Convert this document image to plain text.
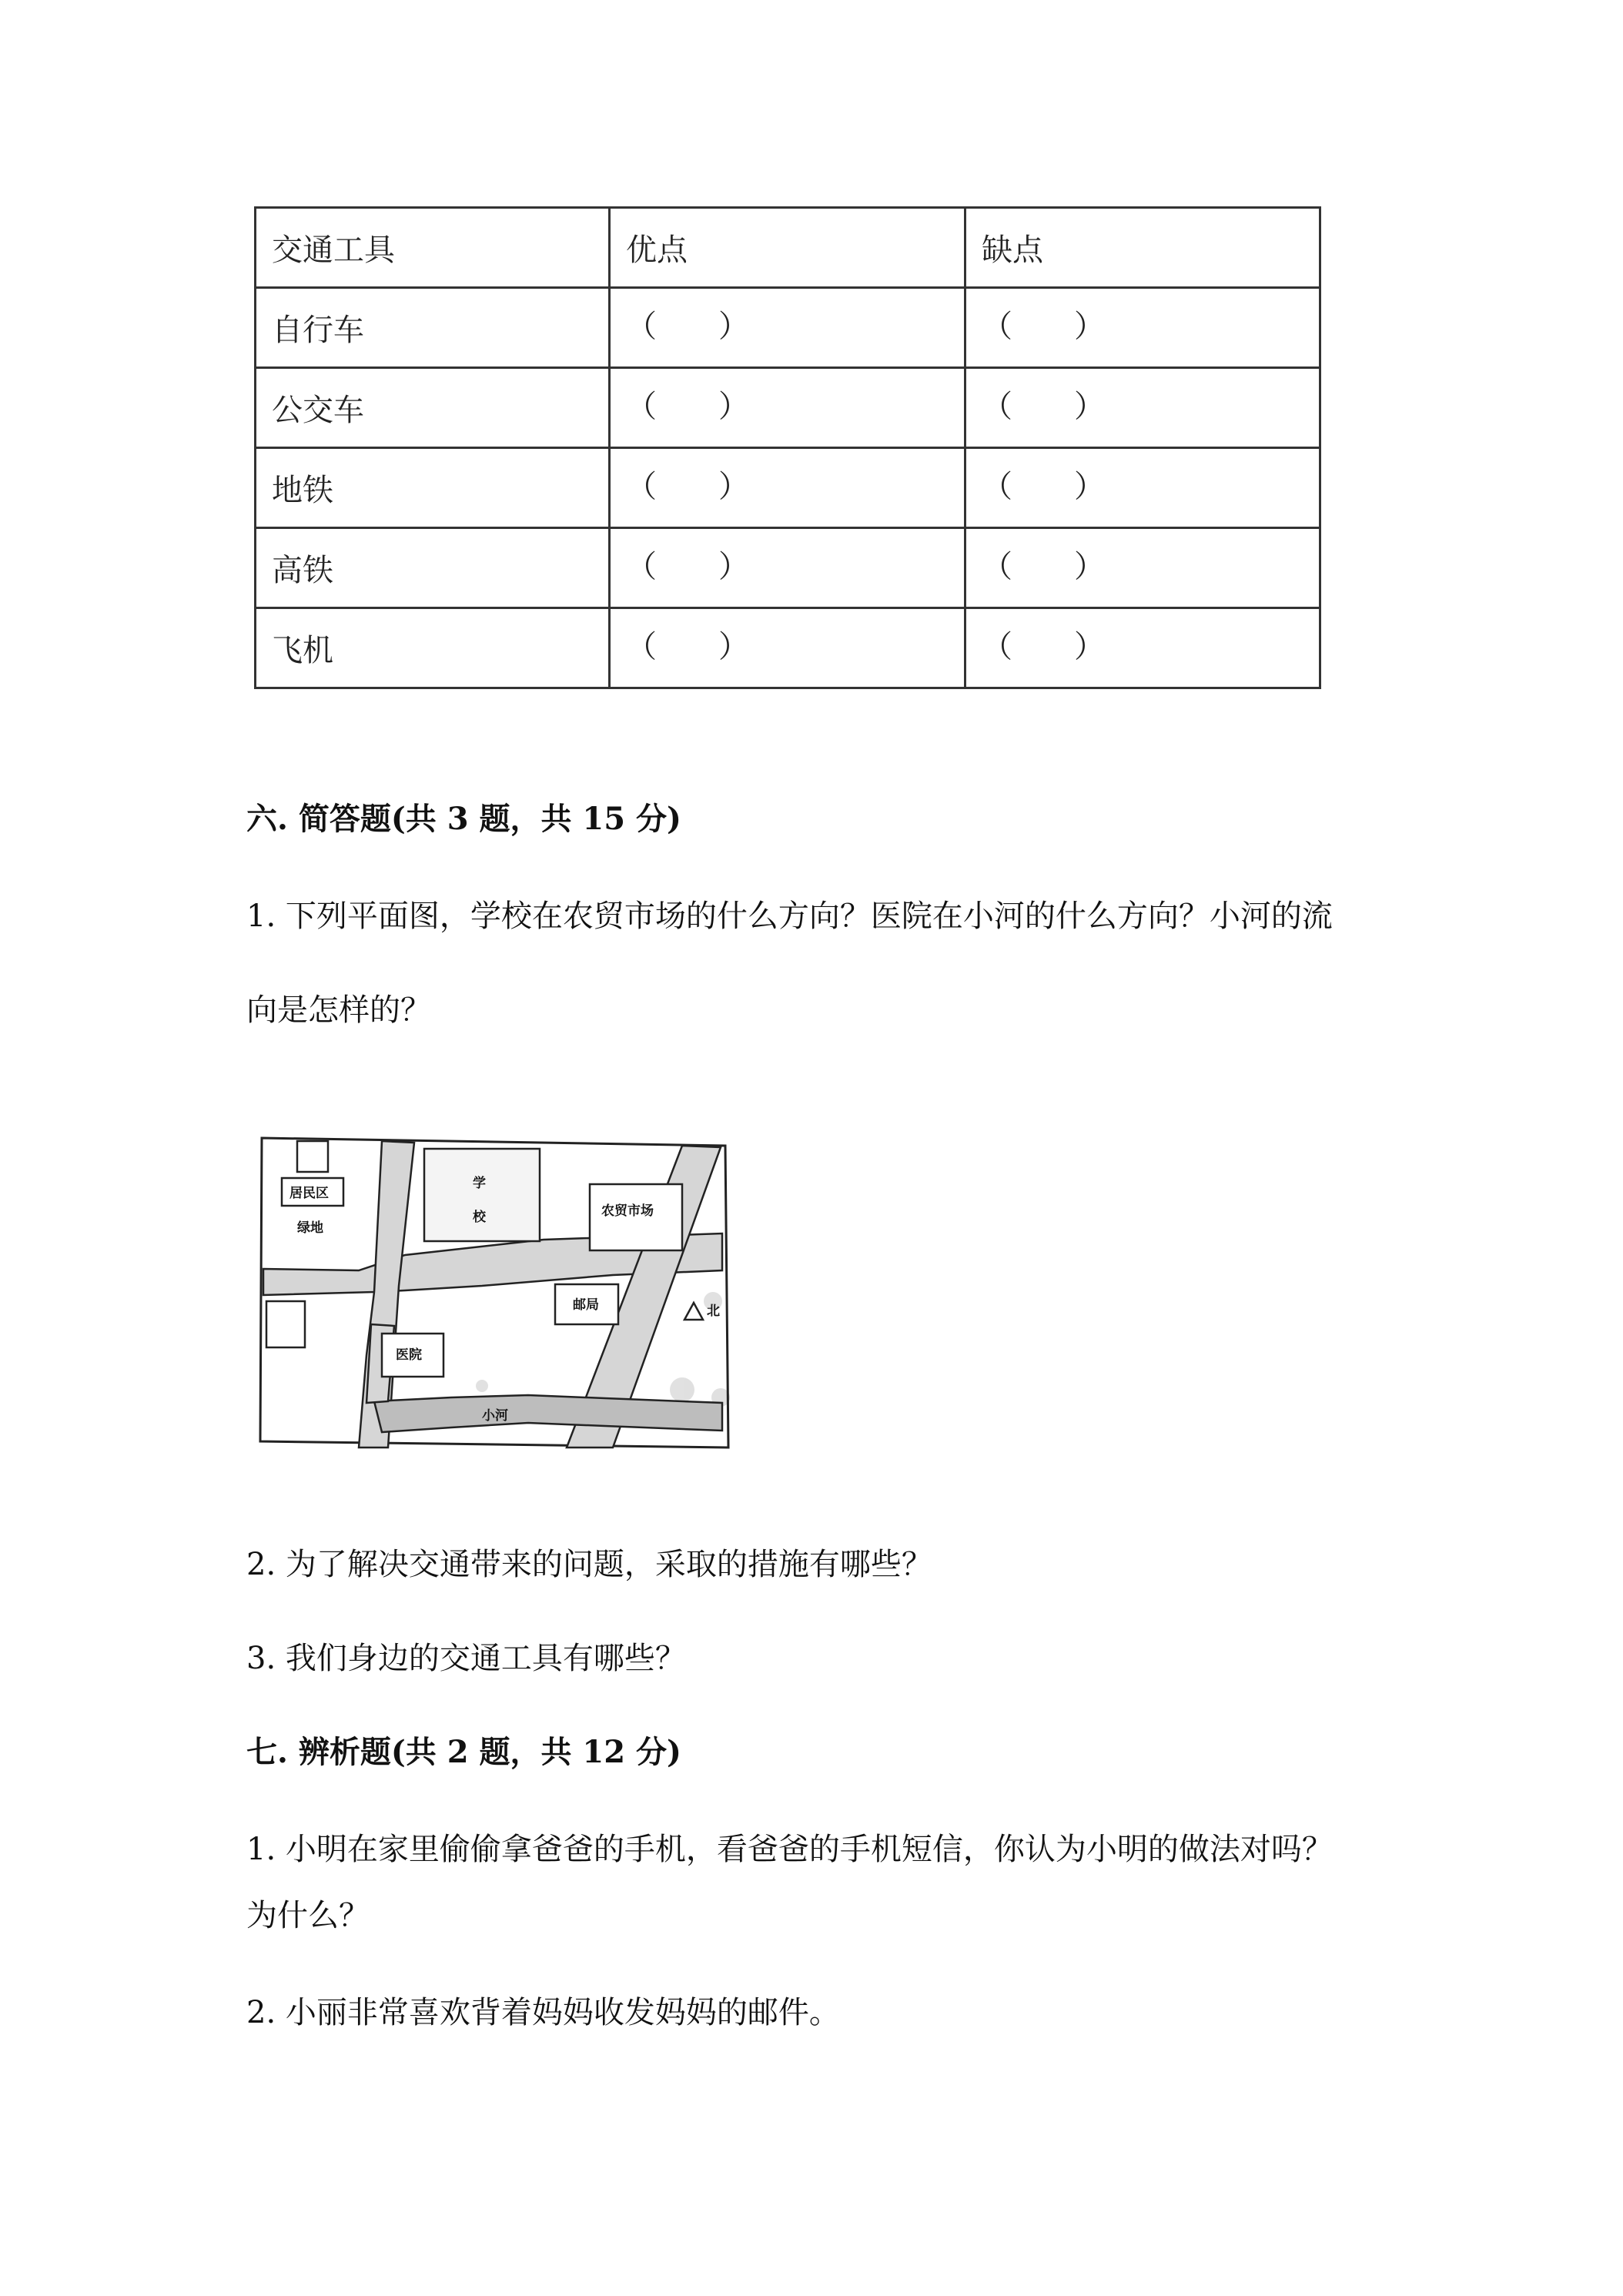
交通工具	优点	缺点
自行车	（ ）	（ ）

公交车	（ ）	（ ）

地铁	（ ）	（ ）

高铁	（ ）	（ ）

飞机	（ ）	（ ）
六. 简答题(共 3 题，共 15 分)
1. 下列平面图，学校在农贸市场的什么方向？医院在小河的什么方向？小河的流
向是怎样的？
居民区
绿地
学
校	农贸市场
邮局
医院
小河
北
2. 为了解决交通带来的问题，采取的措施有哪些？
3. 我们身边的交通工具有哪些？
七. 辨析题(共 2 题，共 12 分)
1. 小明在家里偷偷拿爸爸的手机，看爸爸的手机短信，你认为小明的做法对吗？
为什么？
2. 小丽非常喜欢背着妈妈收发妈妈的邮件。
